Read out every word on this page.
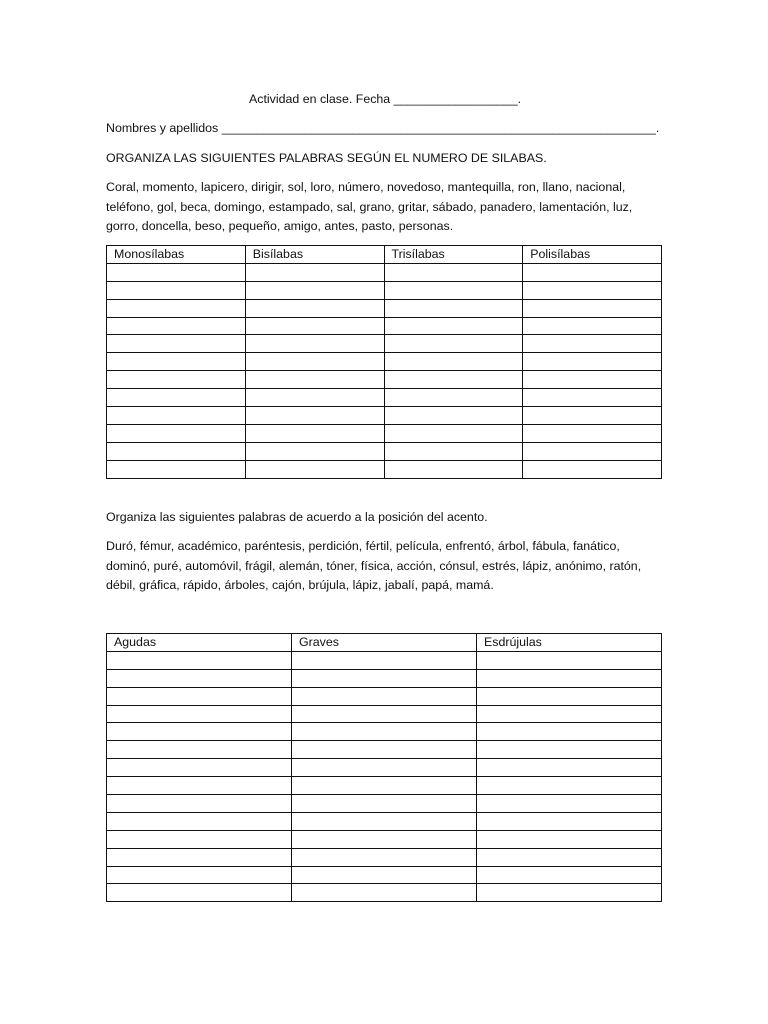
Actividad en clase. Fecha __________________.
Nombres y apellidos _______________________________________________________________.
ORGANIZA LAS SIGUIENTES PALABRAS SEGÚN EL NUMERO DE SILABAS.
Coral, momento, lapicero, dirigir, sol, loro, número, novedoso, mantequilla, ron, llano, nacional,
teléfono, gol, beca, domingo, estampado, sal, grano, gritar, sábado, panadero, lamentación, luz,
gorro, doncella, beso, pequeño, amigo, antes, pasto, personas.
Monosílabas	Bisílabas	Trisílabas	Polisílabas

Organiza las siguientes palabras de acuerdo a la posición del acento.
Duró, fémur, académico, paréntesis, perdición, fértil, película, enfrentó, árbol, fábula, fanático,
dominó, puré, automóvil, frágil, alemán, tóner, física, acción, cónsul, estrés, lápiz, anónimo, ratón,
débil, gráfica, rápido, árboles, cajón, brújula, lápiz, jabalí, papá, mamá.
Agudas	Graves	Esdrújulas
